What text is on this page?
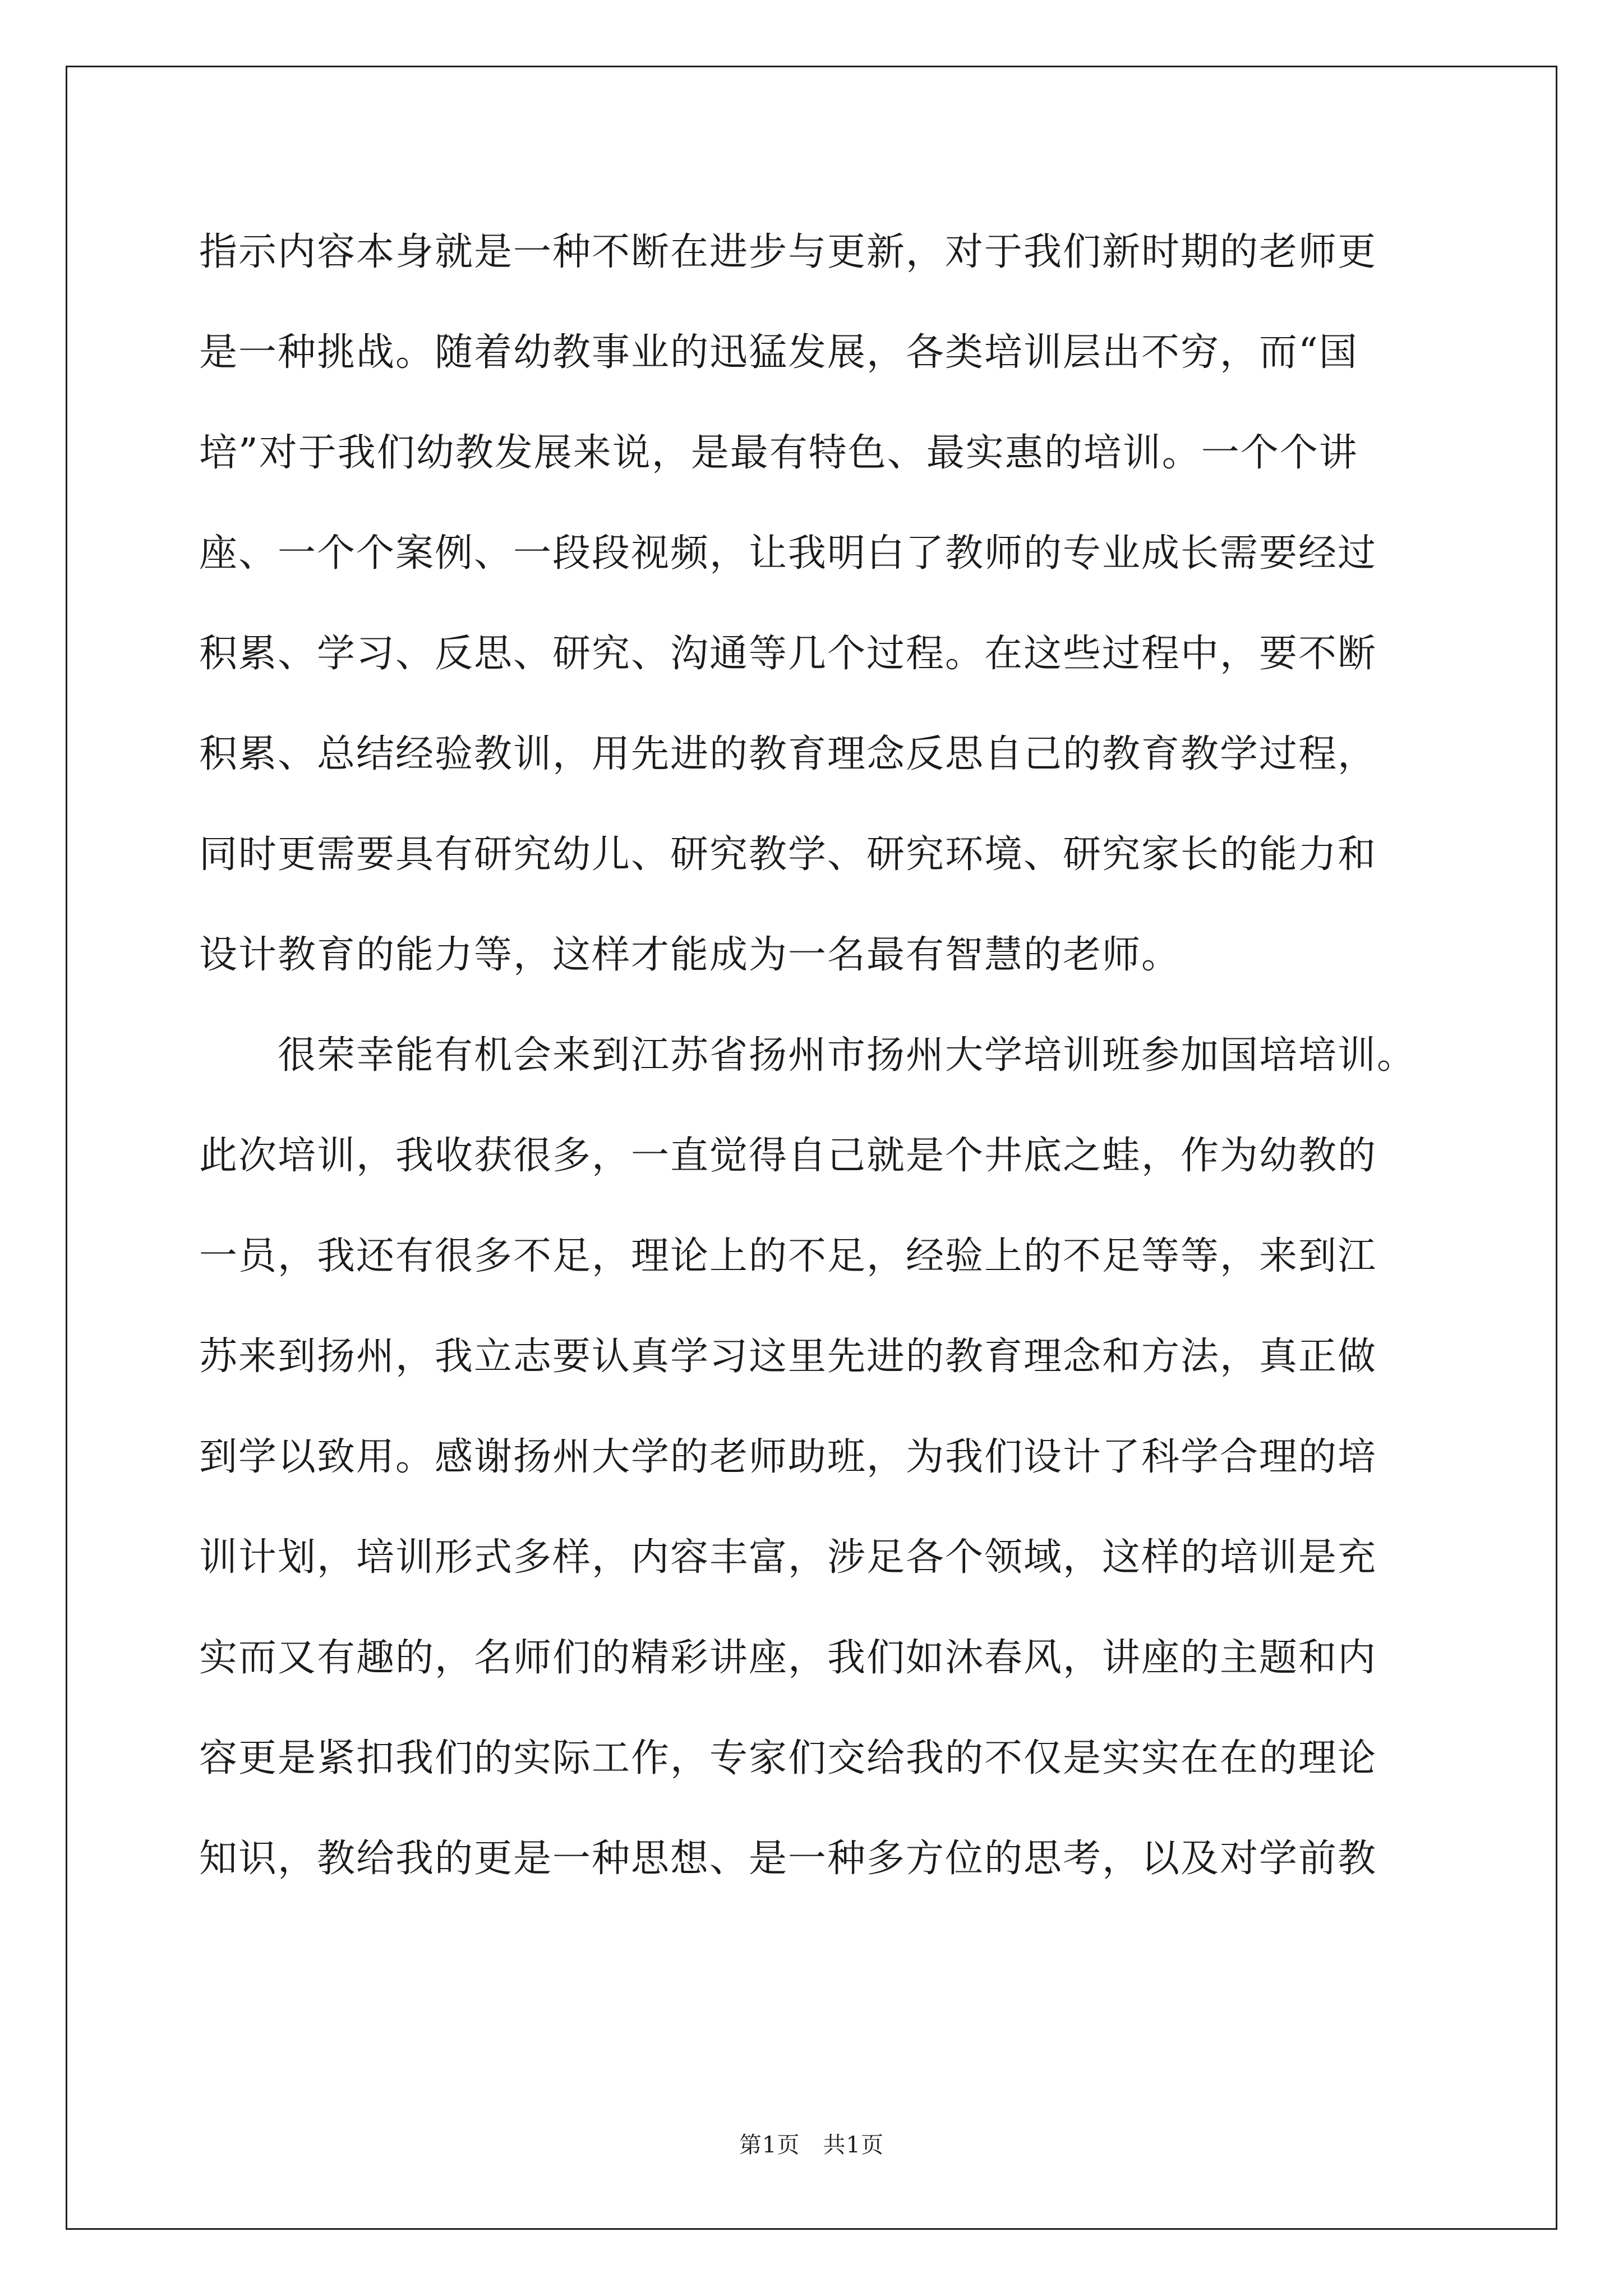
指示内容本身就是一种不断在进步与更新，对于我们新时期的老师更
是一种挑战。随着幼教事业的迅猛发展，各类培训层出不穷，而“国
培”对于我们幼教发展来说，是最有特色、最实惠的培训。一个个讲
座、一个个案例、一段段视频，让我明白了教师的专业成长需要经过
积累、学习、反思、研究、沟通等几个过程。在这些过程中，要不断
积累、总结经验教训，用先进的教育理念反思自己的教育教学过程，
同时更需要具有研究幼儿、研究教学、研究环境、研究家长的能力和
设计教育的能力等，这样才能成为一名最有智慧的老师。
　　很荣幸能有机会来到江苏省扬州市扬州大学培训班参加国培培训。
此次培训，我收获很多，一直觉得自己就是个井底之蛙，作为幼教的
一员，我还有很多不足，理论上的不足，经验上的不足等等，来到江
苏来到扬州，我立志要认真学习这里先进的教育理念和方法，真正做
到学以致用。感谢扬州大学的老师助班，为我们设计了科学合理的培
训计划，培训形式多样，内容丰富，涉足各个领域，这样的培训是充
实而又有趣的，名师们的精彩讲座，我们如沐春风，讲座的主题和内
容更是紧扣我们的实际工作，专家们交给我的不仅是实实在在的理论
知识，教给我的更是一种思想、是一种多方位的思考，以及对学前教
第1页　共1页
